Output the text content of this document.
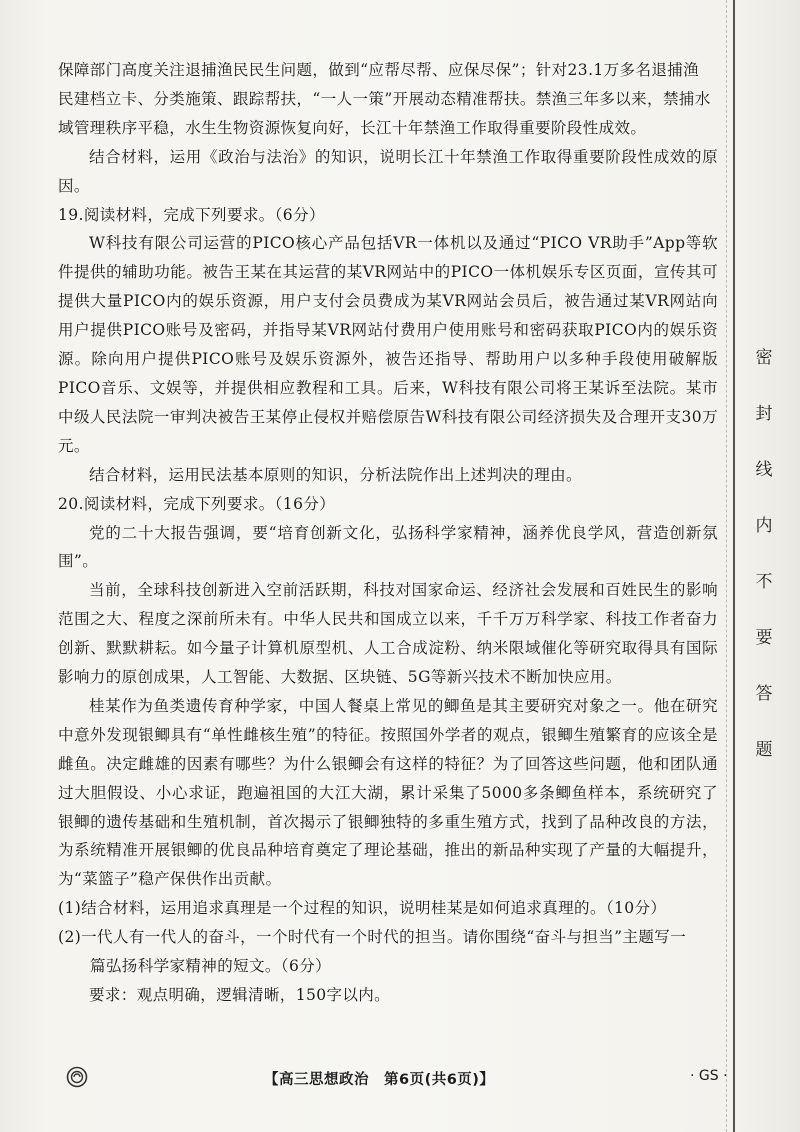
保障部门高度关注退捕渔民民生问题，做到“应帮尽帮、应保尽保”；针对23.1万多名退捕渔

民建档立卡、分类施策、跟踪帮扶，“一人一策”开展动态精准帮扶。禁渔三年多以来，禁捕水

域管理秩序平稳，水生生物资源恢复向好，长江十年禁渔工作取得重要阶段性成效。

结合材料，运用《政治与法治》的知识，说明长江十年禁渔工作取得重要阶段性成效的原因。

19.阅读材料，完成下列要求。（6分）

W科技有限公司运营的PICO核心产品包括VR一体机以及通过“PICO VR助手”App等软件提供的辅助功能。被告王某在其运营的某VR网站中的PICO一体机娱乐专区页面，宣传其可提供大量PICO内的娱乐资源，用户支付会员费成为某VR网站会员后，被告通过某VR网站向用户提供PICO账号及密码，并指导某VR网站付费用户使用账号和密码获取PICO内的娱乐资源。除向用户提供PICO账号及娱乐资源外，被告还指导、帮助用户以多种手段使用破解版PICO音乐、文娱等，并提供相应教程和工具。后来，W科技有限公司将王某诉至法院。某市中级人民法院一审判决被告王某停止侵权并赔偿原告W科技有限公司经济损失及合理开支30万元。

结合材料，运用民法基本原则的知识，分析法院作出上述判决的理由。

20.阅读材料，完成下列要求。（16分）

党的二十大报告强调，要“培育创新文化，弘扬科学家精神，涵养优良学风，营造创新氛围”。

当前，全球科技创新进入空前活跃期，科技对国家命运、经济社会发展和百姓民生的影响范围之大、程度之深前所未有。中华人民共和国成立以来，千千万万科学家、科技工作者奋力创新、默默耕耘。如今量子计算机原型机、人工合成淀粉、纳米限域催化等研究取得具有国际影响力的原创成果，人工智能、大数据、区块链、5G等新兴技术不断加快应用。

桂某作为鱼类遗传育种学家，中国人餐桌上常见的鲫鱼是其主要研究对象之一。他在研究中意外发现银鲫具有“单性雌核生殖”的特征。按照国外学者的观点，银鲫生殖繁育的应该全是雌鱼。决定雌雄的因素有哪些？为什么银鲫会有这样的特征？为了回答这些问题，他和团队通过大胆假设、小心求证，跑遍祖国的大江大湖，累计采集了5000多条鲫鱼样本，系统研究了银鲫的遗传基础和生殖机制，首次揭示了银鲫独特的多重生殖方式，找到了品种改良的方法，为系统精准开展银鲫的优良品种培育奠定了理论基础，推出的新品种实现了产量的大幅提升，为“菜篮子”稳产保供作出贡献。

(1)结合材料，运用追求真理是一个过程的知识，说明桂某是如何追求真理的。（10分）

(2)一代人有一代人的奋斗，一个时代有一个时代的担当。请你围绕“奋斗与担当”主题写一

篇弘扬科学家精神的短文。（6分）

要求：观点明确，逻辑清晰，150字以内。

密
封
线
内
不
要
答
题
【高三思想政治　第6页(共6页)】	· GS ·
